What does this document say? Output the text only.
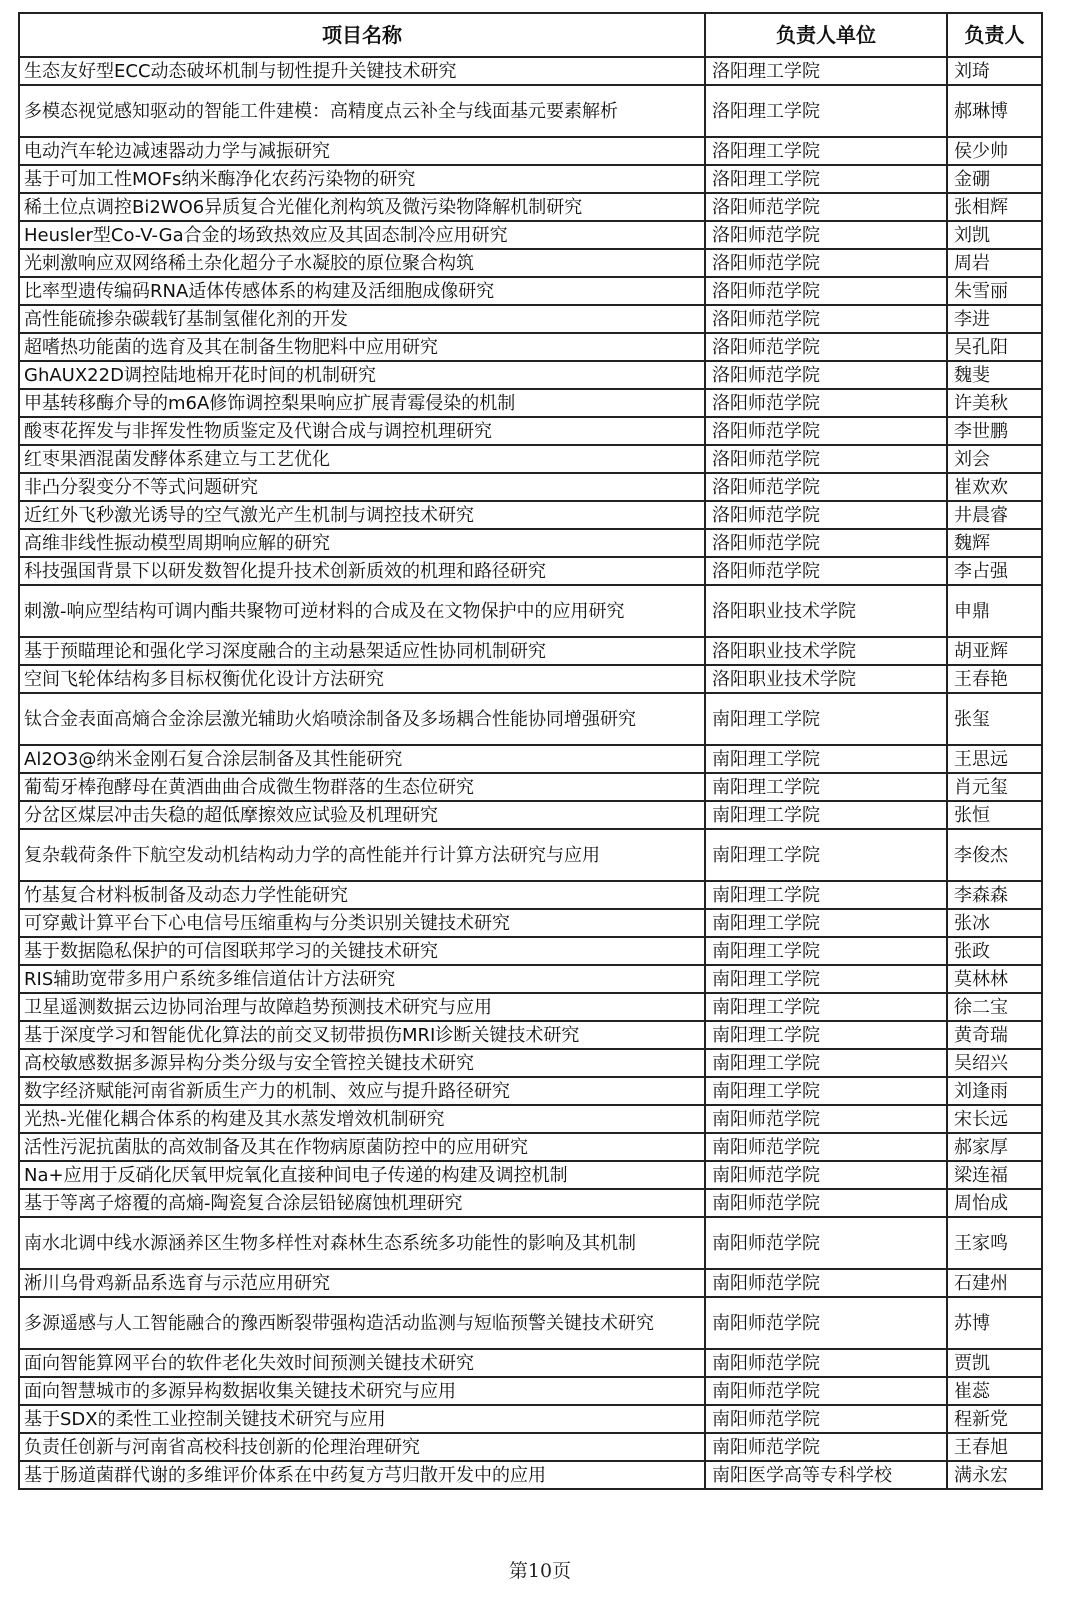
项目名称	负责人单位	负责人
生态友好型ECC动态破坏机制与韧性提升关键技术研究	洛阳理工学院	刘琦
多模态视觉感知驱动的智能工件建模：高精度点云补全与线面基元要素解析	洛阳理工学院	郝琳博
电动汽车轮边减速器动力学与减振研究	洛阳理工学院	侯少帅
基于可加工性MOFs纳米酶净化农药污染物的研究	洛阳理工学院	金硼
稀土位点调控Bi2WO6异质复合光催化剂构筑及微污染物降解机制研究	洛阳师范学院	张相辉
Heusler型Co-V-Ga合金的场致热效应及其固态制冷应用研究	洛阳师范学院	刘凯
光刺激响应双网络稀土杂化超分子水凝胶的原位聚合构筑	洛阳师范学院	周岩
比率型遗传编码RNA适体传感体系的构建及活细胞成像研究	洛阳师范学院	朱雪丽
高性能硫掺杂碳载钌基制氢催化剂的开发	洛阳师范学院	李进
超嗜热功能菌的选育及其在制备生物肥料中应用研究	洛阳师范学院	吴孔阳
GhAUX22D调控陆地棉开花时间的机制研究	洛阳师范学院	魏斐
甲基转移酶介导的m6A修饰调控梨果响应扩展青霉侵染的机制	洛阳师范学院	许美秋
酸枣花挥发与非挥发性物质鉴定及代谢合成与调控机理研究	洛阳师范学院	李世鹏
红枣果酒混菌发酵体系建立与工艺优化	洛阳师范学院	刘会
非凸分裂变分不等式问题研究	洛阳师范学院	崔欢欢
近红外飞秒激光诱导的空气激光产生机制与调控技术研究	洛阳师范学院	井晨睿
高维非线性振动模型周期响应解的研究	洛阳师范学院	魏辉
科技强国背景下以研发数智化提升技术创新质效的机理和路径研究	洛阳师范学院	李占强
刺激-响应型结构可调内酯共聚物可逆材料的合成及在文物保护中的应用研究	洛阳职业技术学院	申鼎
基于预瞄理论和强化学习深度融合的主动悬架适应性协同机制研究	洛阳职业技术学院	胡亚辉
空间飞轮体结构多目标权衡优化设计方法研究	洛阳职业技术学院	王春艳
钛合金表面高熵合金涂层激光辅助火焰喷涂制备及多场耦合性能协同增强研究	南阳理工学院	张玺
Al2O3@纳米金刚石复合涂层制备及其性能研究	南阳理工学院	王思远
葡萄牙棒孢酵母在黄酒曲曲合成微生物群落的生态位研究	南阳理工学院	肖元玺
分岔区煤层冲击失稳的超低摩擦效应试验及机理研究	南阳理工学院	张恒
复杂载荷条件下航空发动机结构动力学的高性能并行计算方法研究与应用	南阳理工学院	李俊杰
竹基复合材料板制备及动态力学性能研究	南阳理工学院	李森森
可穿戴计算平台下心电信号压缩重构与分类识别关键技术研究	南阳理工学院	张冰
基于数据隐私保护的可信图联邦学习的关键技术研究	南阳理工学院	张政
RIS辅助宽带多用户系统多维信道估计方法研究	南阳理工学院	莫林林
卫星遥测数据云边协同治理与故障趋势预测技术研究与应用	南阳理工学院	徐二宝
基于深度学习和智能优化算法的前交叉韧带损伤MRI诊断关键技术研究	南阳理工学院	黄奇瑞
高校敏感数据多源异构分类分级与安全管控关键技术研究	南阳理工学院	吴绍兴
数字经济赋能河南省新质生产力的机制、效应与提升路径研究	南阳理工学院	刘逢雨
光热-光催化耦合体系的构建及其水蒸发增效机制研究	南阳师范学院	宋长远
活性污泥抗菌肽的高效制备及其在作物病原菌防控中的应用研究	南阳师范学院	郝家厚
Na+应用于反硝化厌氧甲烷氧化直接种间电子传递的构建及调控机制	南阳师范学院	梁连福
基于等离子熔覆的高熵-陶瓷复合涂层铅铋腐蚀机理研究	南阳师范学院	周怡成
南水北调中线水源涵养区生物多样性对森林生态系统多功能性的影响及其机制	南阳师范学院	王家鸣
淅川乌骨鸡新品系选育与示范应用研究	南阳师范学院	石建州
多源遥感与人工智能融合的豫西断裂带强构造活动监测与短临预警关键技术研究	南阳师范学院	苏博
面向智能算网平台的软件老化失效时间预测关键技术研究	南阳师范学院	贾凯
面向智慧城市的多源异构数据收集关键技术研究与应用	南阳师范学院	崔蕊
基于SDX的柔性工业控制关键技术研究与应用	南阳师范学院	程新党
负责任创新与河南省高校科技创新的伦理治理研究	南阳师范学院	王春旭
基于肠道菌群代谢的多维评价体系在中药复方芎归散开发中的应用	南阳医学高等专科学校	满永宏
第10页
